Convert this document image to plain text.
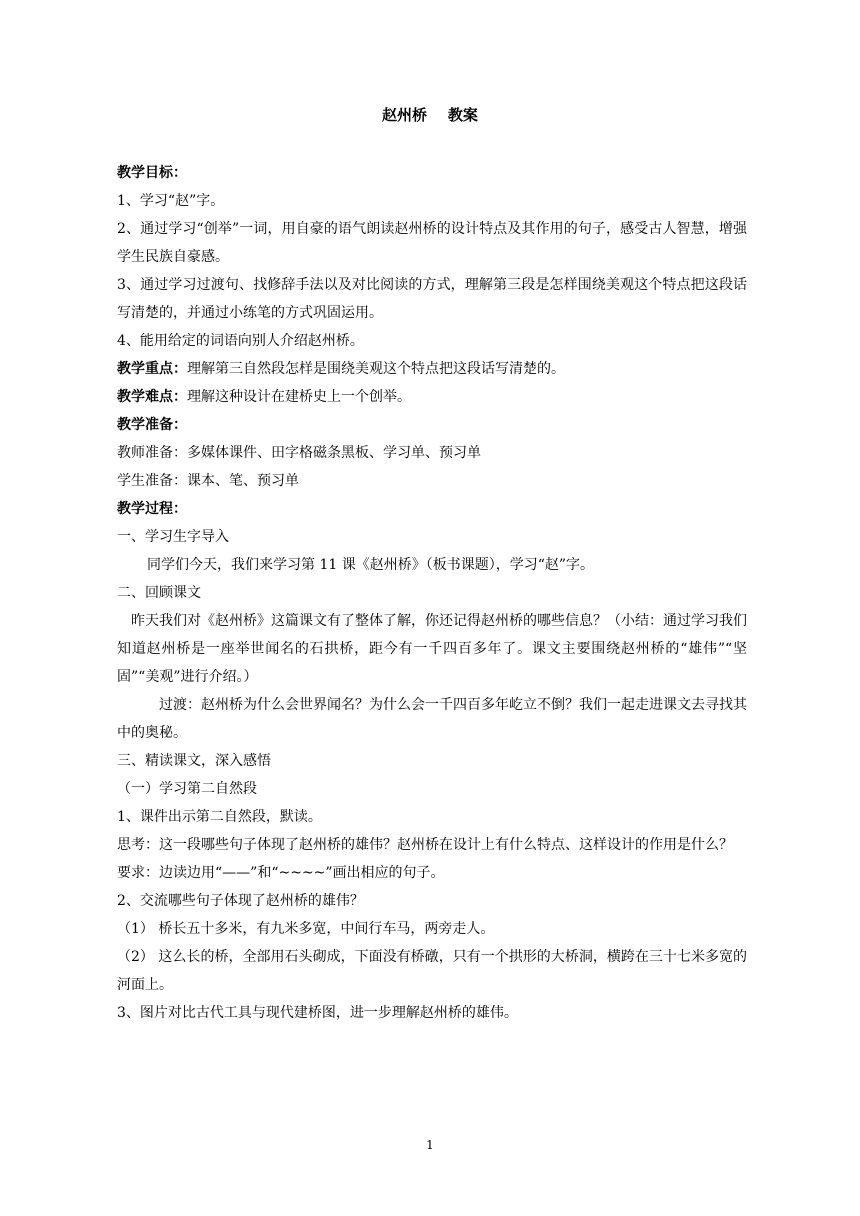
赵州桥    教案

教学目标：

1、学习“赵”字。

2、通过学习“创举”一词，用自豪的语气朗读赵州桥的设计特点及其作用的句子，感受古人智慧，增强学生民族自豪感。

3、通过学习过渡句、找修辞手法以及对比阅读的方式，理解第三段是怎样围绕美观这个特点把这段话写清楚的，并通过小练笔的方式巩固运用。

4、能用给定的词语向别人介绍赵州桥。

教学重点：理解第三自然段怎样是围绕美观这个特点把这段话写清楚的。

教学难点：理解这种设计在建桥史上一个创举。

教学准备：

教师准备：多媒体课件、田字格磁条黑板、学习单、预习单

学生准备：课本、笔、预习单

教学过程：

一、学习生字导入

同学们今天，我们来学习第 11 课《赵州桥》（板书课题），学习“赵”字。

二、回顾课文

昨天我们对《赵州桥》这篇课文有了整体了解，你还记得赵州桥的哪些信息？（小结：通过学习我们知道赵州桥是一座举世闻名的石拱桥，距今有一千四百多年了。课文主要围绕赵州桥的“雄伟”“坚固”“美观”进行介绍。）

过渡：赵州桥为什么会世界闻名？为什么会一千四百多年屹立不倒？我们一起走进课文去寻找其中的奥秘。

三、精读课文，深入感悟

（一）学习第二自然段

1、课件出示第二自然段，默读。

思考：这一段哪些句子体现了赵州桥的雄伟？赵州桥在设计上有什么特点、这样设计的作用是什么？

要求：边读边用“——”和“~~~~”画出相应的句子。

2、交流哪些句子体现了赵州桥的雄伟？

（1） 桥长五十多米，有九米多宽，中间行车马，两旁走人。

（2） 这么长的桥，全部用石头砌成，下面没有桥礅，只有一个拱形的大桥洞，横跨在三十七米多宽的河面上。

3、图片对比古代工具与现代建桥图，进一步理解赵州桥的雄伟。

1
